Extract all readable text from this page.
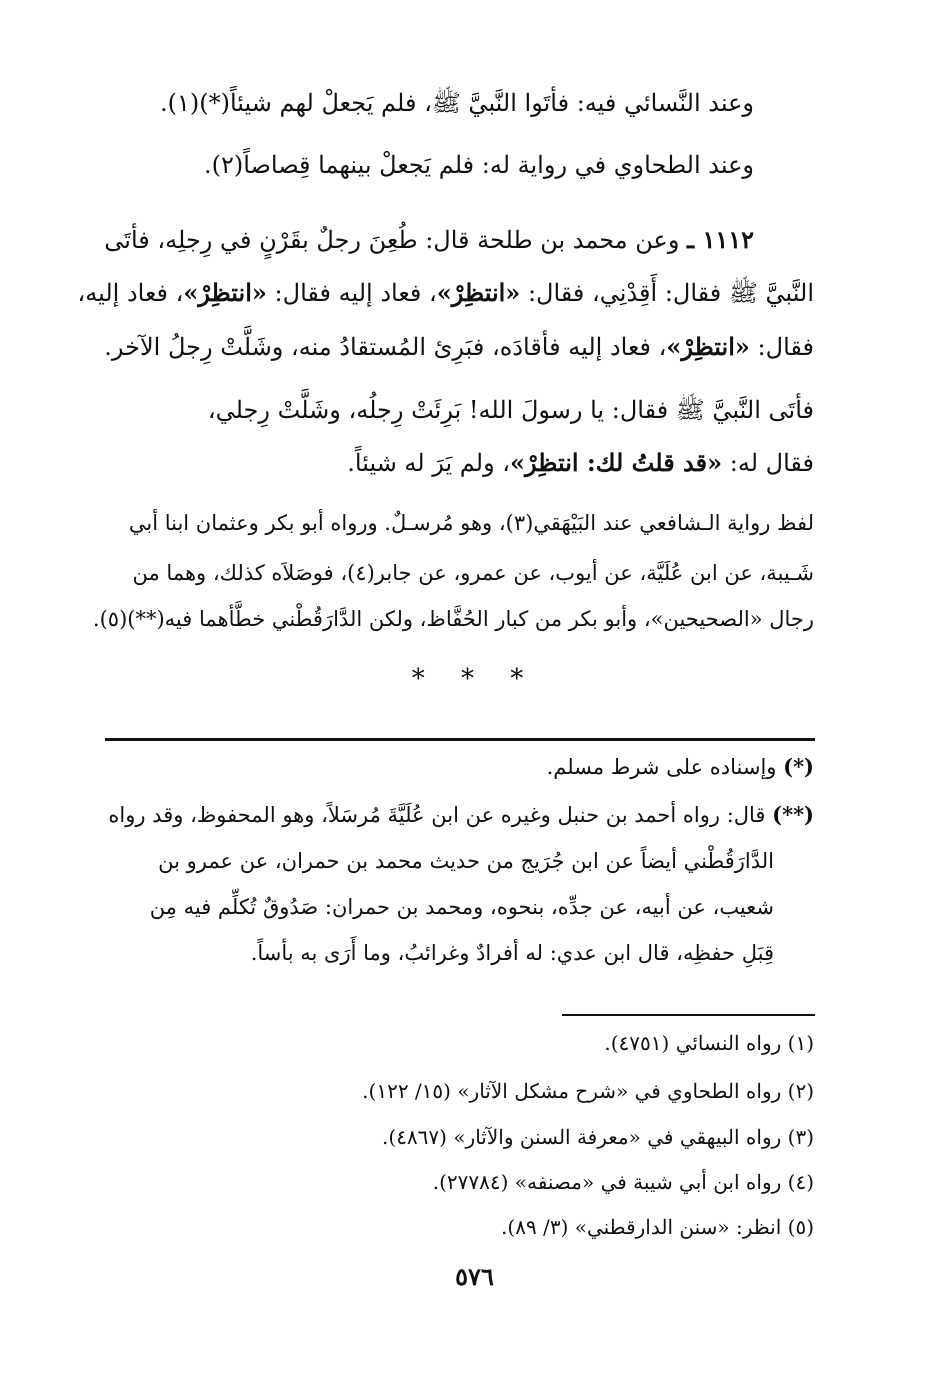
وعند النَّسائي فيه: فأتَوا النَّبيَّ ﷺ، فلم يَجعلْ لهم شيئاً(*)(١).
وعند الطحاوي في رواية له: فلم يَجعلْ بينهما قِصاصاً(٢).
١١١٢ ـ وعن محمد بن طلحة قال: طُعِنَ رجلٌ بقَرْنٍ في رِجلِه، فأتَى
النَّبيَّ ﷺ فقال: أَقِدْنِي، فقال: «انتظِرْ»، فعاد إليه فقال: «انتظِرْ»، فعاد إليه،
فقال: «انتظِرْ»، فعاد إليه فأقادَه، فبَرِئ المُستقادُ منه، وشَلَّتْ رِجلُ الآخر.
فأتَى النَّبيَّ ﷺ فقال: يا رسولَ الله! بَرِئَتْ رِجلُه، وشَلَّتْ رِجلي،
فقال له: «قد قلتُ لك: انتظِرْ»، ولم يَرَ له شيئاً.
لفظ رواية الـشافعي عند البَيْهَقي(٣)، وهو مُرسـلٌ. ورواه أبو بكر وعثمان ابنا أبي
شَـيبة، عن ابن عُلَيَّة، عن أيوب، عن عمرو، عن جابر(٤)، فوصَلاَه كذلك، وهما من
رجال «الصحيحين»، وأبو بكر من كبار الحُفَّاظ، ولكن الدَّارَقُطْني خطَّأهما فيه(**)(٥).
* * *
(*) وإسناده على شرط مسلم.
(**) قال: رواه أحمد بن حنبل وغيره عن ابن عُلَيَّةَ مُرسَلاً، وهو المحفوظ، وقد رواه
الدَّارَقُطْني أيضاً عن ابن جُرَيج من حديث محمد بن حمران، عن عمرو بن
شعيب، عن أبيه، عن جدِّه، بنحوه، ومحمد بن حمران: صَدُوقٌ تُكلِّم فيه مِن
قِبَلِ حفظِه، قال ابن عدي: له أفرادٌ وغرائبُ، وما أَرَى به بأساً.
(١) رواه النسائي (٤٧٥١).
(٢) رواه الطحاوي في «شرح مشكل الآثار» (١٥/ ١٢٢).
(٣) رواه البيهقي في «معرفة السنن والآثار» (٤٨٦٧).
(٤) رواه ابن أبي شيبة في «مصنفه» (٢٧٧٨٤).
(٥) انظر: «سنن الدارقطني» (٣/ ٨٩).
٥٧٦
